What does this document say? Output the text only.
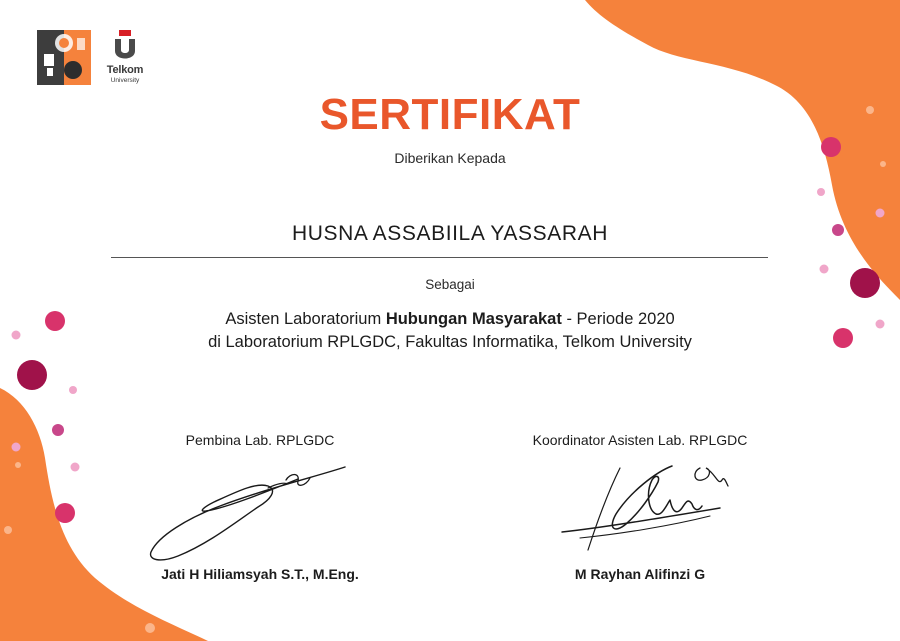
Telkom
University
SERTIFIKAT
Diberikan Kepada
HUSNA ASSABIILA YASSARAH
Sebagai
Asisten Laboratorium Hubungan Masyarakat - Periode 2020
di Laboratorium RPLGDC, Fakultas Informatika, Telkom University
Pembina Lab. RPLGDC
Jati H Hiliamsyah S.T., M.Eng.
Koordinator Asisten Lab. RPLGDC
M Rayhan Alifinzi G
